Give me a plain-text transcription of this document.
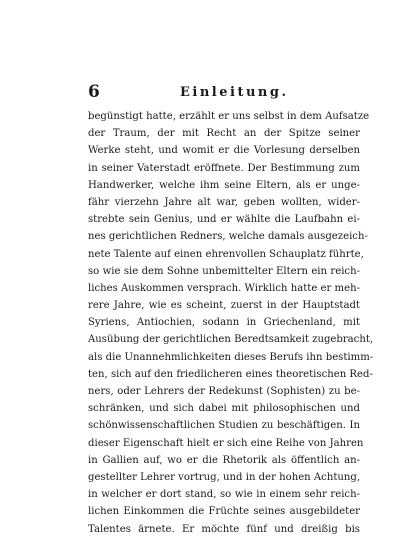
6	Einleitung.
begünstigt hatte, erzählt er uns selbst in dem Aufsatze
der Traum, der mit Recht an der Spitze seiner
Werke steht, und womit er die Vorlesung derselben
in seiner Vaterstadt eröffnete. Der Bestimmung zum
Handwerker, welche ihm seine Eltern, als er unge-
fähr vierzehn Jahre alt war, geben wollten, wider-
strebte sein Genius, und er wählte die Laufbahn ei-
nes gerichtlichen Redners, welche damals ausgezeich-
nete Talente auf einen ehrenvollen Schauplatz führte,
so wie sie dem Sohne unbemittelter Eltern ein reich-
liches Auskommen versprach. Wirklich hatte er meh-
rere Jahre, wie es scheint, zuerst in der Hauptstadt
Syriens, Antiochien, sodann in Griechenland, mit
Ausübung der gerichtlichen Beredtsamkeit zugebracht,
als die Unannehmlichkeiten dieses Berufs ihn bestimm-
ten, sich auf den friedlicheren eines theoretischen Red-
ners, oder Lehrers der Redekunst (Sophisten) zu be-
schränken, und sich dabei mit philosophischen und
schönwissenschaftlichen Studien zu beschäftigen. In
dieser Eigenschaft hielt er sich eine Reihe von Jahren
in Gallien auf, wo er die Rhetorik als öffentlich an-
gestellter Lehrer vortrug, und in der hohen Achtung,
in welcher er dort stand, so wie in einem sehr reich-
lichen Einkommen die Früchte seines ausgebildeter
Talentes ärnete. Er möchte fünf und dreißig bis
